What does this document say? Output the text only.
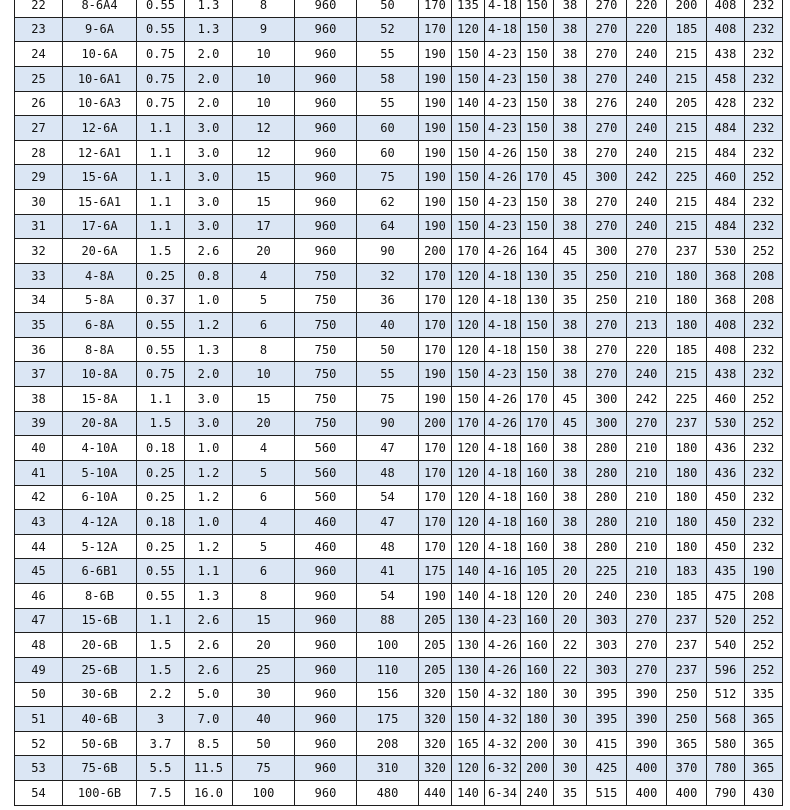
22	8-6A4	0.55	1.3	8	960	50	170	135	4-18	150	38	270	220	200	408	232
23	9-6A	0.55	1.3	9	960	52	170	120	4-18	150	38	270	220	185	408	232
24	10-6A	0.75	2.0	10	960	55	190	150	4-23	150	38	270	240	215	438	232
25	10-6A1	0.75	2.0	10	960	58	190	150	4-23	150	38	270	240	215	458	232
26	10-6A3	0.75	2.0	10	960	55	190	140	4-23	150	38	276	240	205	428	232
27	12-6A	1.1	3.0	12	960	60	190	150	4-23	150	38	270	240	215	484	232
28	12-6A1	1.1	3.0	12	960	60	190	150	4-26	150	38	270	240	215	484	232
29	15-6A	1.1	3.0	15	960	75	190	150	4-26	170	45	300	242	225	460	252
30	15-6A1	1.1	3.0	15	960	62	190	150	4-23	150	38	270	240	215	484	232
31	17-6A	1.1	3.0	17	960	64	190	150	4-23	150	38	270	240	215	484	232
32	20-6A	1.5	2.6	20	960	90	200	170	4-26	164	45	300	270	237	530	252
33	4-8A	0.25	0.8	4	750	32	170	120	4-18	130	35	250	210	180	368	208
34	5-8A	0.37	1.0	5	750	36	170	120	4-18	130	35	250	210	180	368	208
35	6-8A	0.55	1.2	6	750	40	170	120	4-18	150	38	270	213	180	408	232
36	8-8A	0.55	1.3	8	750	50	170	120	4-18	150	38	270	220	185	408	232
37	10-8A	0.75	2.0	10	750	55	190	150	4-23	150	38	270	240	215	438	232
38	15-8A	1.1	3.0	15	750	75	190	150	4-26	170	45	300	242	225	460	252
39	20-8A	1.5	3.0	20	750	90	200	170	4-26	170	45	300	270	237	530	252
40	4-10A	0.18	1.0	4	560	47	170	120	4-18	160	38	280	210	180	436	232
41	5-10A	0.25	1.2	5	560	48	170	120	4-18	160	38	280	210	180	436	232
42	6-10A	0.25	1.2	6	560	54	170	120	4-18	160	38	280	210	180	450	232
43	4-12A	0.18	1.0	4	460	47	170	120	4-18	160	38	280	210	180	450	232
44	5-12A	0.25	1.2	5	460	48	170	120	4-18	160	38	280	210	180	450	232
45	6-6B1	0.55	1.1	6	960	41	175	140	4-16	105	20	225	210	183	435	190
46	8-6B	0.55	1.3	8	960	54	190	140	4-18	120	20	240	230	185	475	208
47	15-6B	1.1	2.6	15	960	88	205	130	4-23	160	20	303	270	237	520	252
48	20-6B	1.5	2.6	20	960	100	205	130	4-26	160	22	303	270	237	540	252
49	25-6B	1.5	2.6	25	960	110	205	130	4-26	160	22	303	270	237	596	252
50	30-6B	2.2	5.0	30	960	156	320	150	4-32	180	30	395	390	250	512	335
51	40-6B	3	7.0	40	960	175	320	150	4-32	180	30	395	390	250	568	365
52	50-6B	3.7	8.5	50	960	208	320	165	4-32	200	30	415	390	365	580	365
53	75-6B	5.5	11.5	75	960	310	320	120	6-32	200	30	425	400	370	780	365
54	100-6B	7.5	16.0	100	960	480	440	140	6-34	240	35	515	400	400	790	430
